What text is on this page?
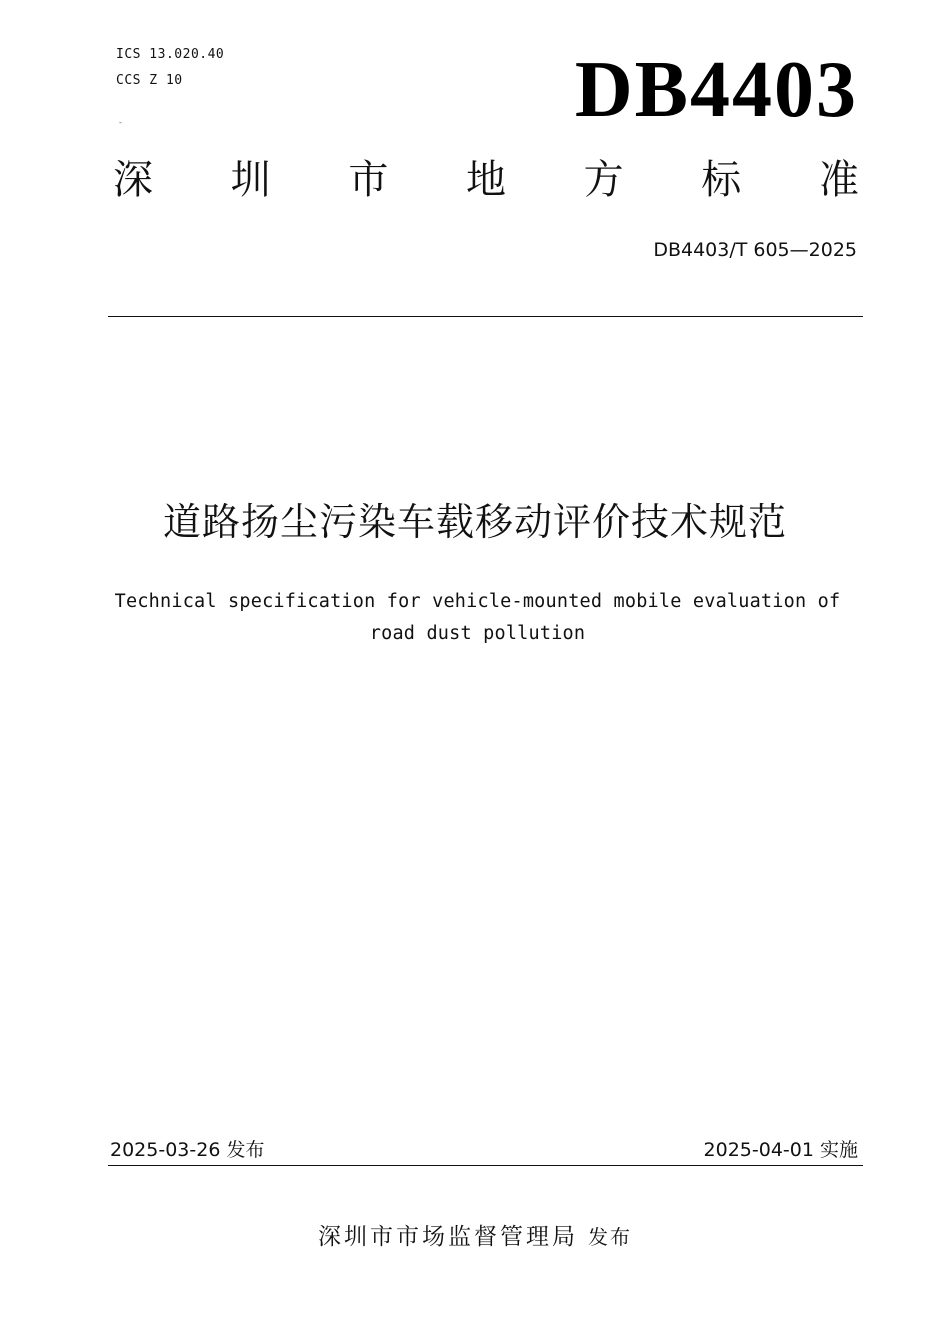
ICS 13.020.40
CCS Z 10
-	DB4403
深 圳 市 地 方 标 准
DB4403/T 605—2025
道路扬尘污染车载移动评价技术规范
Technical specification for vehicle-mounted mobile evaluation of road dust pollution
2025-03-26 发布	2025-04-01 实施
深圳市市场监督管理局 发布
